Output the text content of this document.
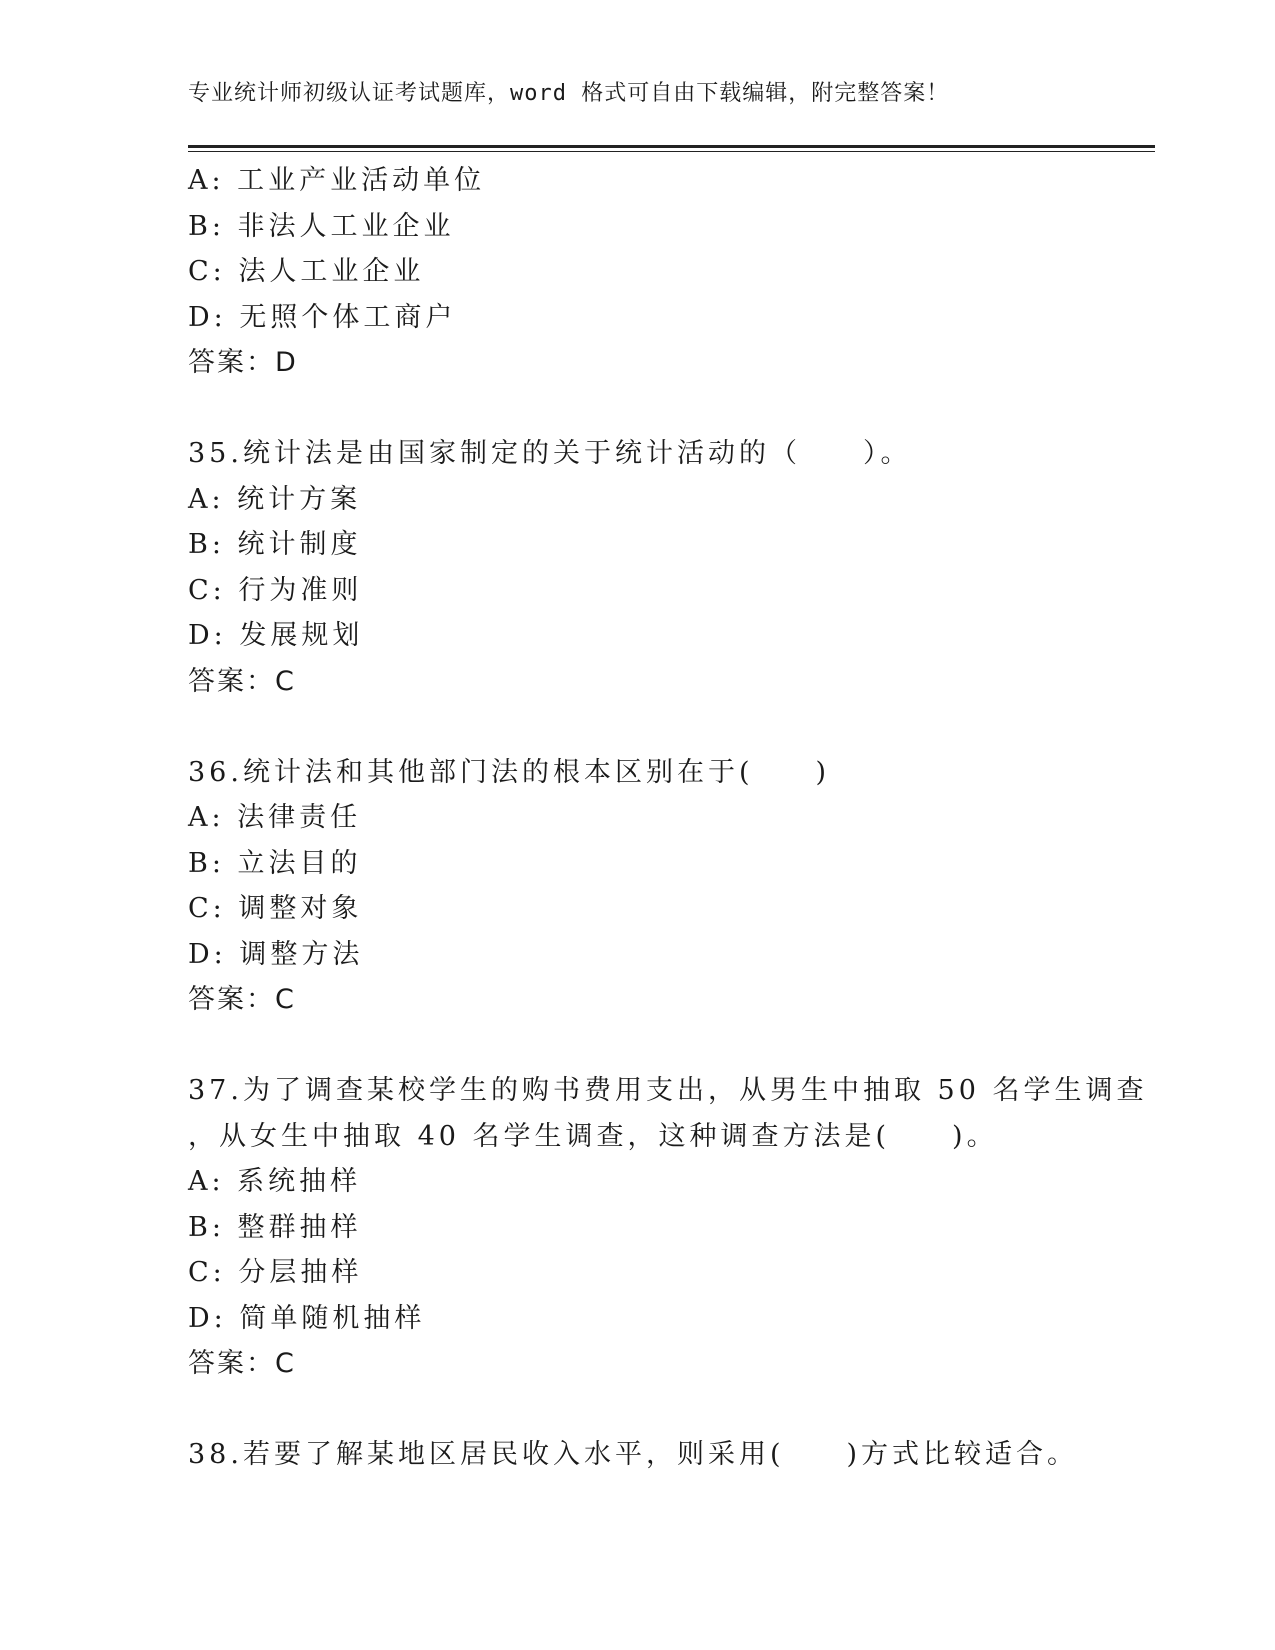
专业统计师初级认证考试题库，word 格式可自由下载编辑，附完整答案！
A: 工业产业活动单位
B: 非法人工业企业
C: 法人工业企业
D: 无照个体工商户
答案：D
35.统计法是由国家制定的关于统计活动的（　　）。
A: 统计方案
B: 统计制度
C: 行为准则
D: 发展规划
答案：C
36.统计法和其他部门法的根本区别在于(　　)
A: 法律责任
B: 立法目的
C: 调整对象
D: 调整方法
答案：C
37.为了调查某校学生的购书费用支出，从男生中抽取 50 名学生调查
，从女生中抽取 40 名学生调查，这种调查方法是(　　)。
A: 系统抽样
B: 整群抽样
C: 分层抽样
D: 简单随机抽样
答案：C
38.若要了解某地区居民收入水平，则采用(　　)方式比较适合。
